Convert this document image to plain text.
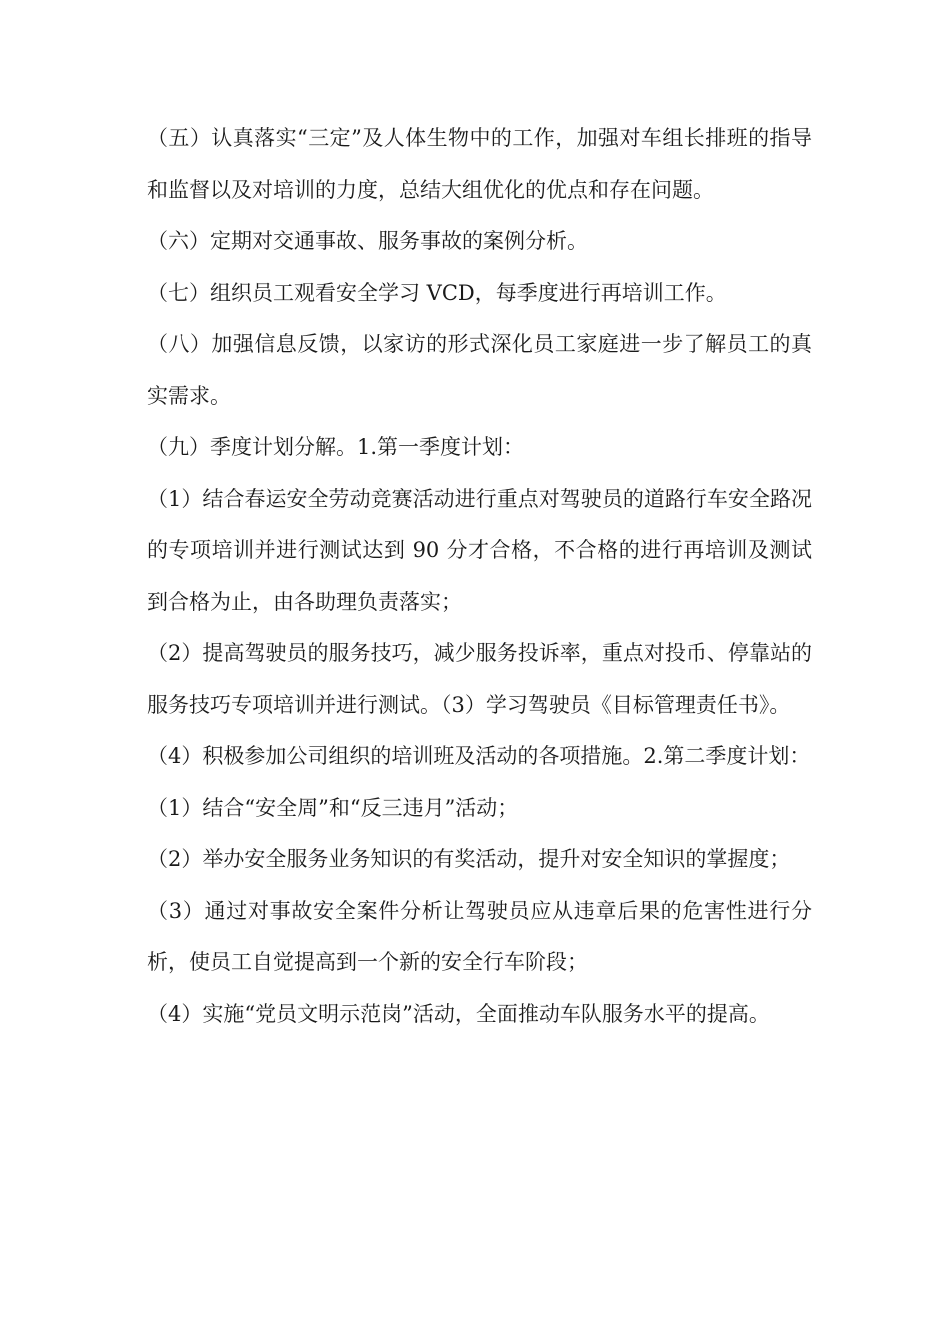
（五）认真落实“三定”及人体生物中的工作，加强对车组长排班的指导和监督以及对培训的力度，总结大组优化的优点和存在问题。

（六）定期对交通事故、服务事故的案例分析。

（七）组织员工观看安全学习 VCD，每季度进行再培训工作。

（八）加强信息反馈，以家访的形式深化员工家庭进一步了解员工的真实需求。

（九）季度计划分解。1.第一季度计划：

（1）结合春运安全劳动竞赛活动进行重点对驾驶员的道路行车安全路况的专项培训并进行测试达到 90 分才合格，不合格的进行再培训及测试到合格为止，由各助理负责落实；

（2）提高驾驶员的服务技巧，减少服务投诉率，重点对投币、停靠站的服务技巧专项培训并进行测试。（3）学习驾驶员《目标管理责任书》。

（4）积极参加公司组织的培训班及活动的各项措施。2.第二季度计划：

（1）结合“安全周”和“反三违月”活动；

（2）举办安全服务业务知识的有奖活动，提升对安全知识的掌握度；

（3）通过对事故安全案件分析让驾驶员应从违章后果的危害性进行分析，使员工自觉提高到一个新的安全行车阶段；

（4）实施“党员文明示范岗”活动，全面推动车队服务水平的提高。
